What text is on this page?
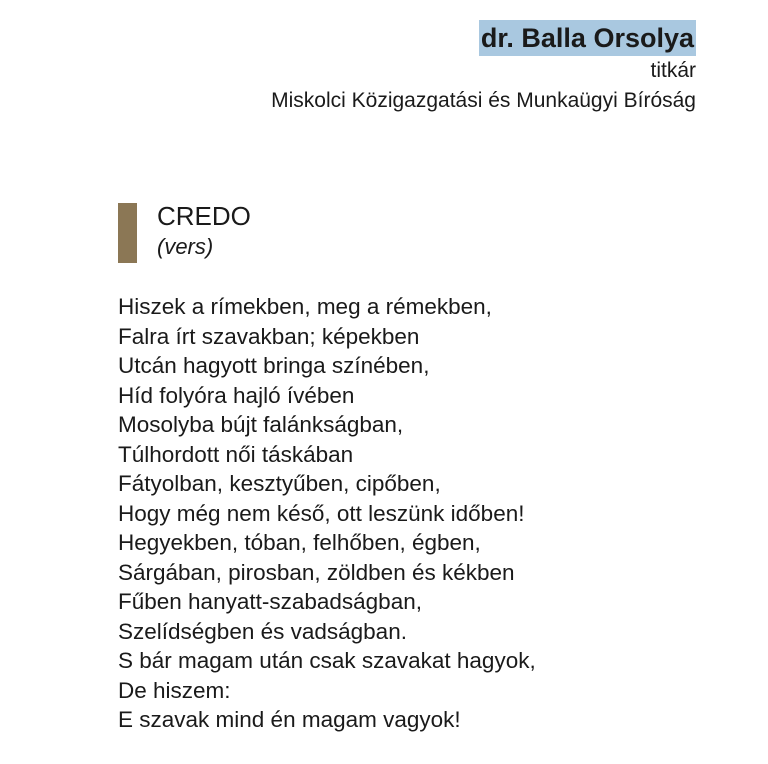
dr. Balla Orsolya
titkár
Miskolci Közigazgatási és Munkaügyi Bíróság
CREDO
(vers)
Hiszek a rímekben, meg a rémekben,
Falra írt szavakban; képekben
Utcán hagyott bringa színében,
Híd folyóra hajló ívében
Mosolyba bújt falánkságban,
Túlhordott női táskában
Fátyolban, kesztyűben, cipőben,
Hogy még nem késő, ott leszünk időben!
Hegyekben, tóban, felhőben, égben,
Sárgában, pirosban, zöldben és kékben
Fűben hanyatt-szabadságban,
Szelídségben és vadságban.
S bár magam után csak szavakat hagyok,
De hiszem:
E szavak mind én magam vagyok!
